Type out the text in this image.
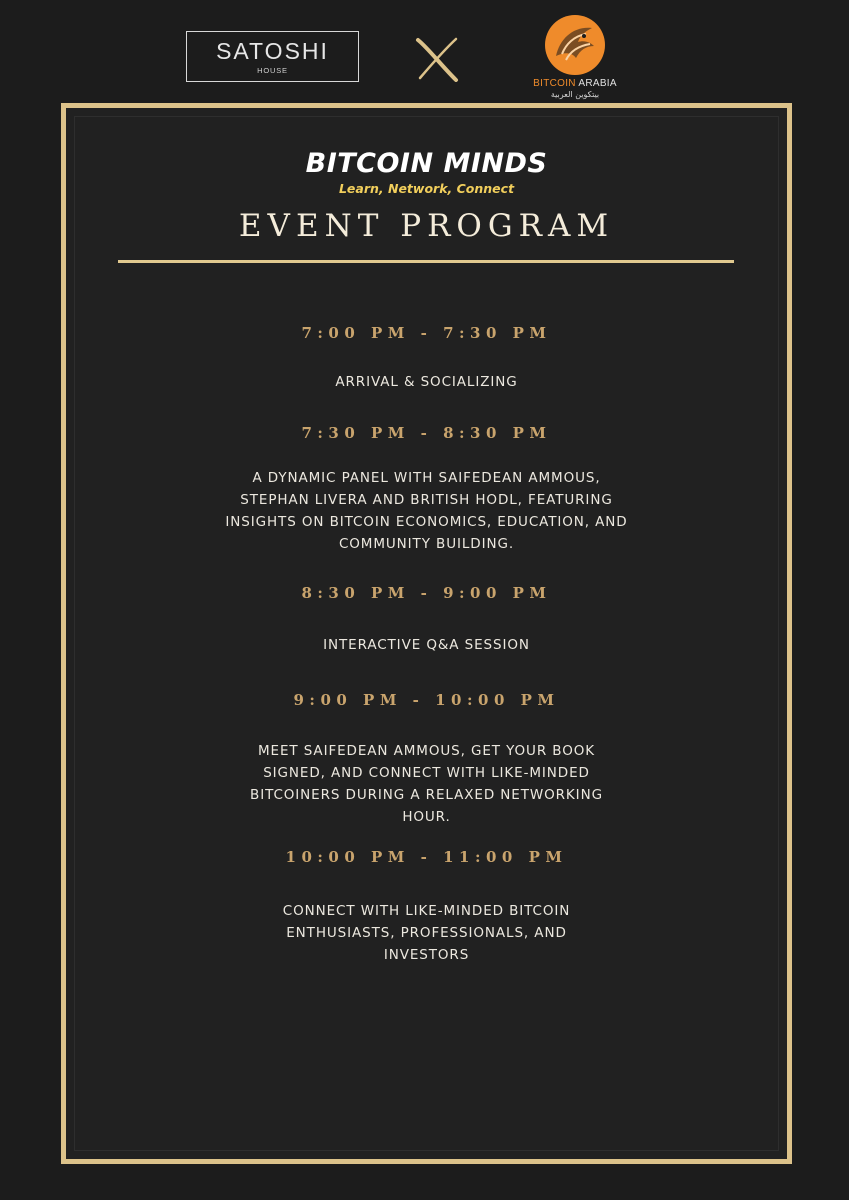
SATOSHI
HOUSE
BITCOIN ARABIA
بيتكوين العربية
BITCOIN MINDS
Learn, Network, Connect
EVENT PROGRAM
7:00 PM - 7:30 PM
ARRIVAL & SOCIALIZING
7:30 PM - 8:30 PM
A DYNAMIC PANEL WITH SAIFEDEAN AMMOUS, STEPHAN LIVERA AND BRITISH HODL, FEATURING INSIGHTS ON BITCOIN ECONOMICS, EDUCATION, AND COMMUNITY BUILDING.
8:30 PM - 9:00 PM
INTERACTIVE Q&A SESSION
9:00 PM - 10:00 PM
MEET SAIFEDEAN AMMOUS, GET YOUR BOOK SIGNED, AND CONNECT WITH LIKE-MINDED BITCOINERS DURING A RELAXED NETWORKING HOUR.
10:00 PM - 11:00 PM
CONNECT WITH LIKE-MINDED BITCOIN ENTHUSIASTS, PROFESSIONALS, AND INVESTORS
